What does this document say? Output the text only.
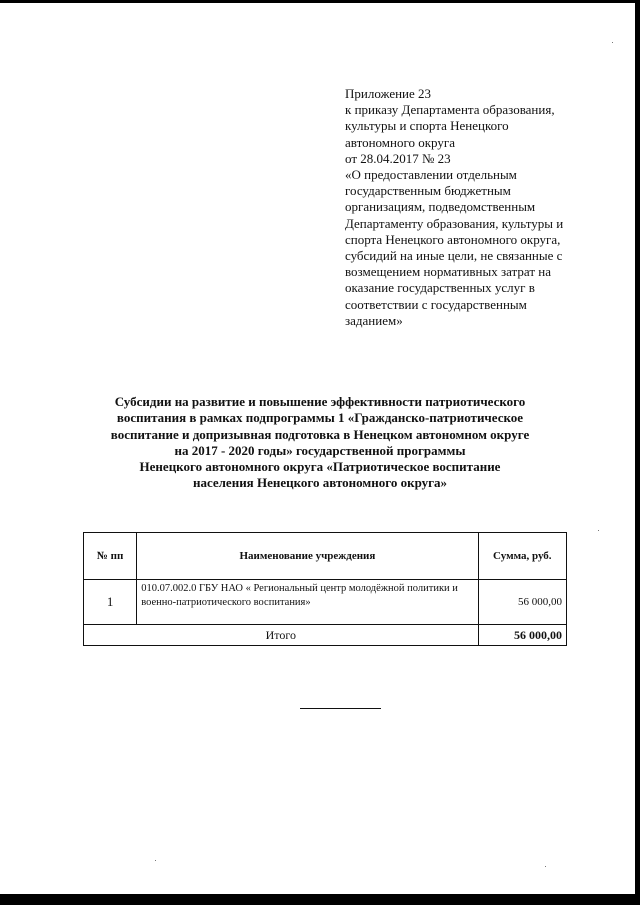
Приложение 23
к приказу Департамента образования,
культуры и спорта Ненецкого
автономного округа
от 28.04.2017 № 23
«О предоставлении отдельным
государственным бюджетным
организациям, подведомственным
Департаменту образования, культуры и
спорта Ненецкого автономного округа,
субсидий на иные цели, не связанные с
возмещением нормативных затрат на
оказание государственных услуг в
соответствии с государственным
заданием»
Субсидии на развитие и повышение эффективности патриотического
воспитания в рамках подпрограммы 1 «Гражданско-патриотическое
воспитание и допризывная подготовка в Ненецком автономном округе
на 2017 - 2020 годы» государственной программы
Ненецкого автономного округа «Патриотическое воспитание
населения Ненецкого автономного округа»
№ пп	Наименование учреждения	Сумма, руб.
1	010.07.002.0 ГБУ НАО « Региональный центр молодёжной политики и военно-патриотического воспитания»	56 000,00
Итого		56 000,00
